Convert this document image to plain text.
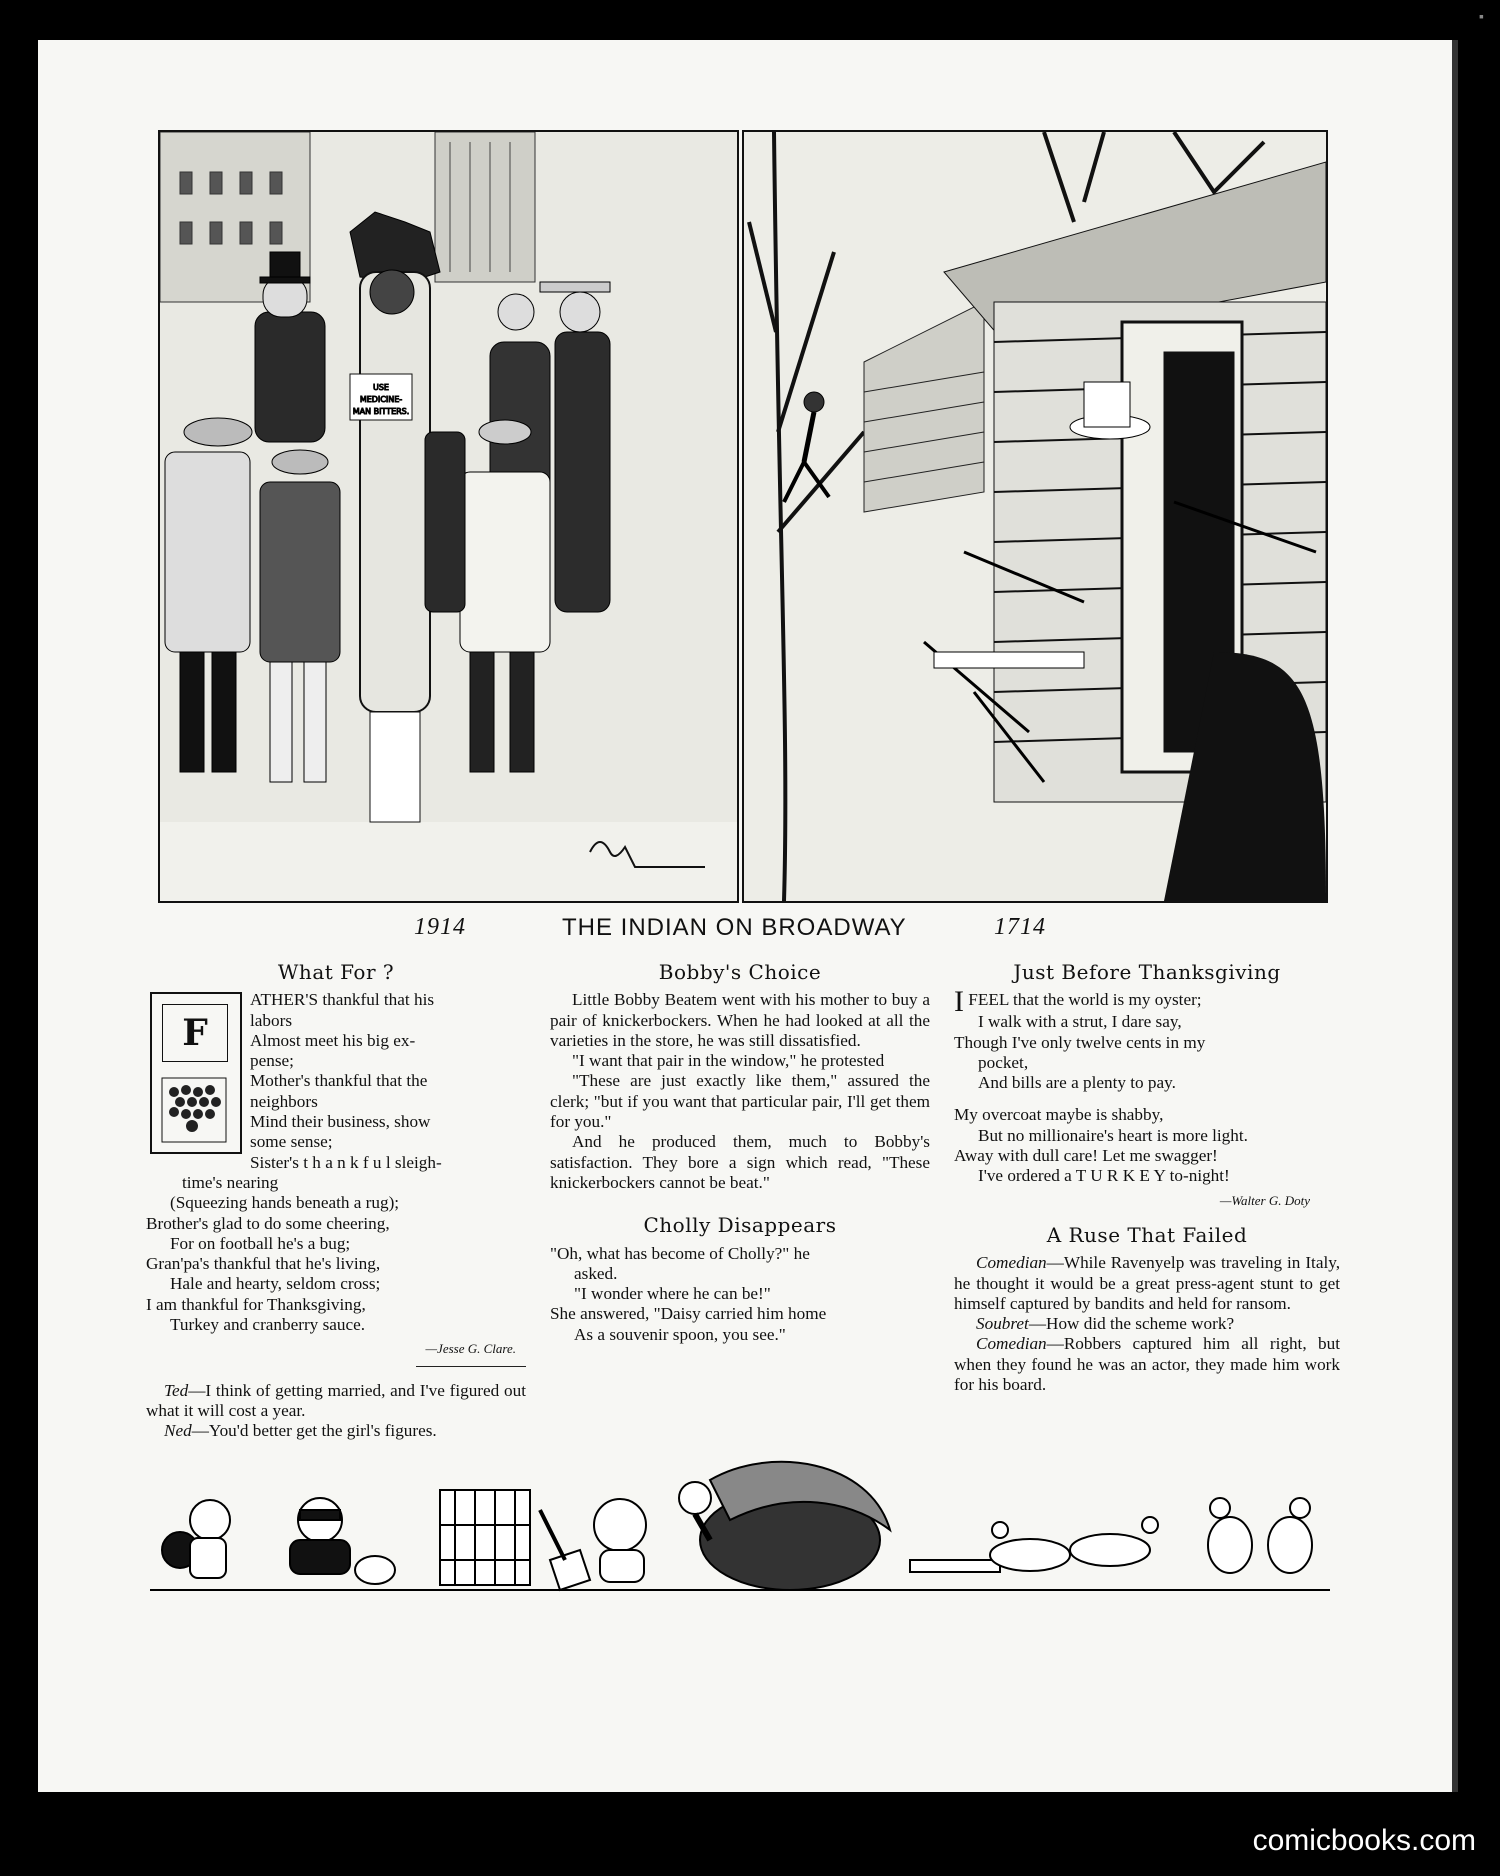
USE
MEDICINE-
MAN BITTERS.
1914	THE INDIAN ON BROADWAY	1714
What For ?
F
ATHER'S thankful that his
labors
Almost meet his big ex-
pense;
Mother's thankful that the
neighbors
Mind their business, show
some sense;
Sister's t h a n k f u l sleigh-
time's nearing
(Squeezing hands beneath a rug);
Brother's glad to do some cheering,
For on football he's a bug;
Gran'pa's thankful that he's living,
Hale and hearty, seldom cross;
I am thankful for Thanksgiving,
Turkey and cranberry sauce.
—Jesse G. Clare.

Ted—I think of getting married, and I've figured out what it will cost a year.

Ned—You'd better get the girl's figures.

Bobby's Choice

Little Bobby Beatem went with his mother to buy a pair of knickerbockers. When he had looked at all the varieties in the store, he was still dissatisfied.

"I want that pair in the window," he protested

"These are just exactly like them," assured the clerk; "but if you want that particular pair, I'll get them for you."

And he produced them, much to Bobby's satisfaction. They bore a sign which read, "These knickerbockers cannot be beat."

Cholly Disappears
"Oh, what has become of Cholly?" he
asked.
"I wonder where he can be!"
She answered, "Daisy carried him home
As a souvenir spoon, you see."
Just Before Thanksgiving
I FEEL that the world is my oyster;
I walk with a strut, I dare say,
Though I've only twelve cents in my
pocket,
And bills are a plenty to pay.
My overcoat maybe is shabby,
But no millionaire's heart is more light.
Away with dull care! Let me swagger!
I've ordered a T U R K E Y to-night!
—Walter G. Doty
A Ruse That Failed

Comedian—While Ravenyelp was traveling in Italy, he thought it would be a great press-agent stunt to get himself captured by bandits and held for ransom.

Soubret—How did the scheme work?

Comedian—Robbers captured him all right, but when they found he was an actor, they made him work for his board.

▪
comicbooks.com
